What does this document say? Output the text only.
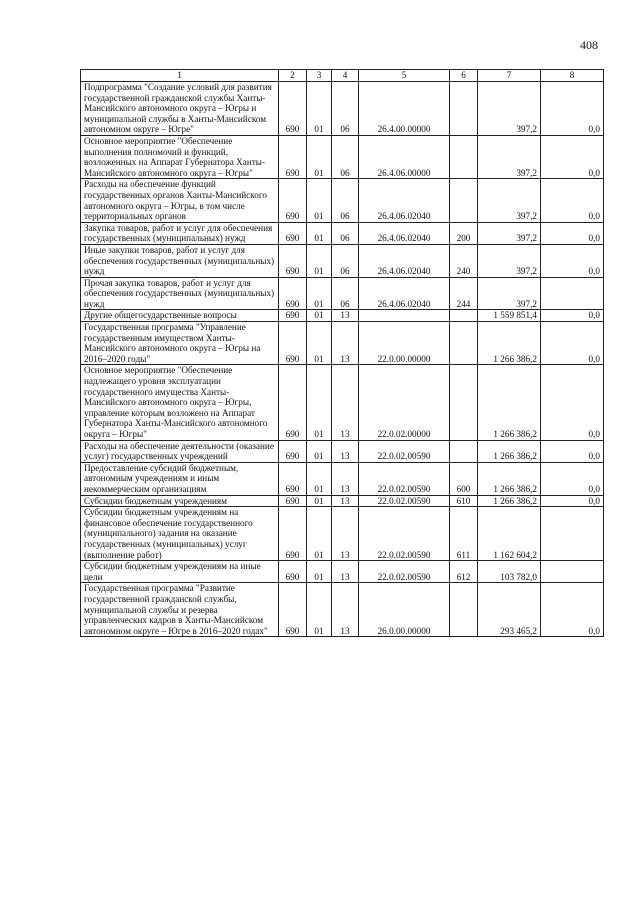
408
1	2	3	4	5	6	7	8
Подпрограмма "Создание условий для развития государственной гражданской службы Ханты-Мансийского автономного округа – Югры и муниципальной службы в Ханты-Мансийском автономном округе – Югре"	690	01	06	26.4.00.00000		397,2	0,0
Основное мероприятие "Обеспечение выполнения полномочий и функций, возложенных на Аппарат Губернатора Ханты-Мансийского автономного округа – Югры"	690	01	06	26.4.06.00000		397,2	0,0
Расходы на обеспечение функций государственных органов Ханты-Мансийского автономного округа – Югры, в том числе территориальных органов	690	01	06	26.4.06.02040		397,2	0,0
Закупка товаров, работ и услуг для обеспечения государственных (муниципальных) нужд	690	01	06	26.4.06.02040	200	397,2	0,0
Иные закупки товаров, работ и услуг для обеспечения государственных (муниципальных) нужд	690	01	06	26.4.06.02040	240	397,2	0,0
Прочая закупка товаров, работ и услуг для обеспечения государственных (муниципальных) нужд	690	01	06	26.4.06.02040	244	397,2	
Другие общегосударственные вопросы	690	01	13			1 559 851,4	0,0
Государственная программа "Управление государственным имуществом Ханты-Мансийского автономного округа – Югры на 2016–2020 годы"	690	01	13	22.0.00.00000		1 266 386,2	0,0
Основное мероприятие "Обеспечение надлежащего уровня эксплуатации государственного имущества Ханты-Мансийского автономного округа – Югры, управление которым возложено на Аппарат Губернатора Ханты-Мансийского автономного округа – Югры"	690	01	13	22.0.02.00000		1 266 386,2	0,0
Расходы на обеспечение деятельности (оказание услуг) государственных учреждений	690	01	13	22.0.02.00590		1 266 386,2	0,0
Предоставление субсидий бюджетным, автономным учреждениям и иным некоммерческим организациям	690	01	13	22.0.02.00590	600	1 266 386,2	0,0
Субсидии бюджетным учреждениям	690	01	13	22.0.02.00590	610	1 266 386,2	0,0
Субсидии бюджетным учреждениям на финансовое обеспечение государственного (муниципального) задания на оказание государственных (муниципальных) услуг (выполнение работ)	690	01	13	22.0.02.00590	611	1 162 604,2	
Субсидии бюджетным учреждениям на иные цели	690	01	13	22.0.02.00590	612	103 782,0	
Государственная программа "Развитие государственной гражданской службы, муниципальной службы и резерва управленческих кадров в Ханты-Мансийском автономном округе – Югре в 2016–2020 годах"	690	01	13	26.0.00.00000		293 465,2	0,0
